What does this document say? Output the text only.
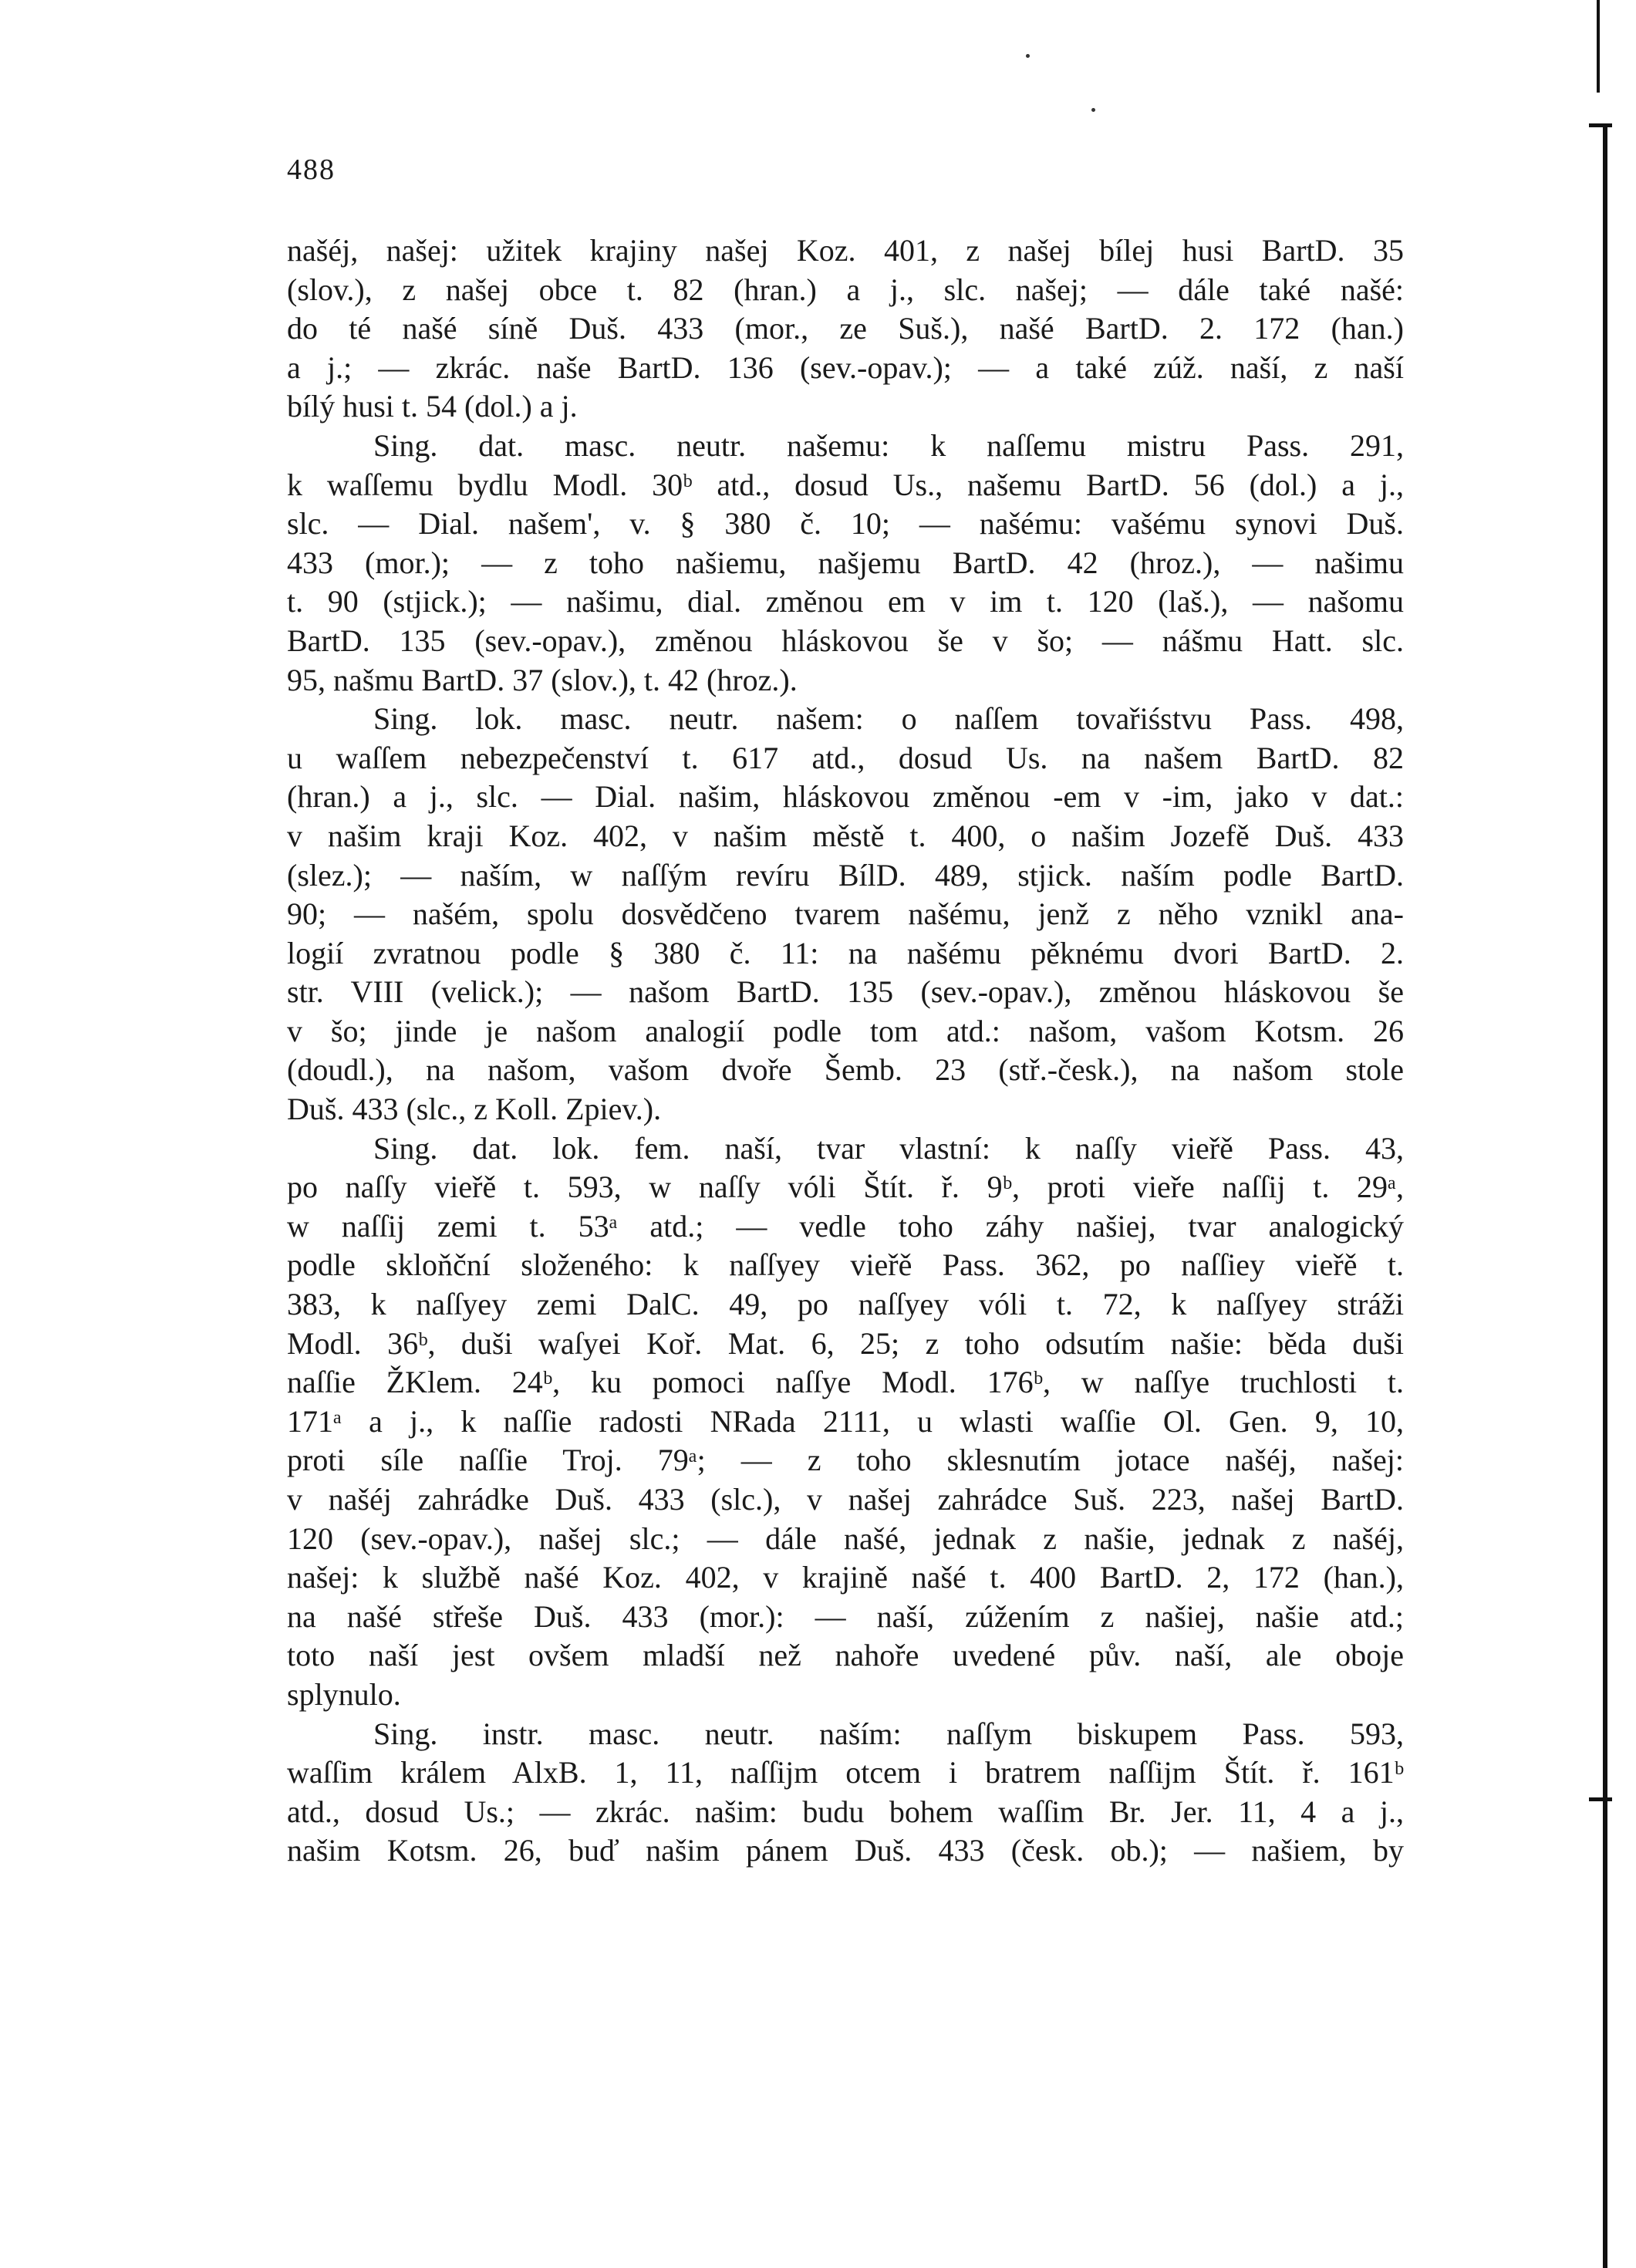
488
našéj, našej: užitek krajiny našej Koz. 401, z našej bílej husi BartD. 35
(slov.), z našej obce t. 82 (hran.) a j., slc. našej; — dále také našé:
do té našé síně Duš. 433 (mor., ze Suš.), našé BartD. 2. 172 (han.)
a j.; — zkrác. naše BartD. 136 (sev.-opav.); — a také zúž. naší, z naší
bílý husi t. 54 (dol.) a j.
Sing. dat. masc. neutr. našemu: k naſſemu mistru Pass. 291,
k waſſemu bydlu Modl. 30ᵇ atd., dosud Us., našemu BartD. 56 (dol.) a j.,
slc. — Dial. našem', v. § 380 č. 10; — našému: vašému synovi Duš.
433 (mor.); — z toho našiemu, našjemu BartD. 42 (hroz.), — našimu
t. 90 (stjick.); — našimu, dial. změnou em v im t. 120 (laš.), — našomu
BartD. 135 (sev.-opav.), změnou hláskovou še v šo; — nášmu Hatt. slc.
95, našmu BartD. 37 (slov.), t. 42 (hroz.).
Sing. lok. masc. neutr. našem: o naſſem tovařiśstvu Pass. 498,
u waſſem nebezpečenství t. 617 atd., dosud Us. na našem BartD. 82
(hran.) a j., slc. — Dial. našim, hláskovou změnou -em v -im, jako v dat.:
v našim kraji Koz. 402, v našim městě t. 400, o našim Jozefě Duš. 433
(slez.); — naším, w naſſým revíru BílD. 489, stjick. naším podle BartD.
90; — našém, spolu dosvědčeno tvarem našému, jenž z něho vznikl ana-
logií zvratnou podle § 380 č. 11: na našému pěknému dvori BartD. 2.
str. VIII (velick.); — našom BartD. 135 (sev.-opav.), změnou hláskovou še
v šo; jinde je našom analogií podle tom atd.: našom, vašom Kotsm. 26
(doudl.), na našom, vašom dvoře Šemb. 23 (stř.-česk.), na našom stole
Duš. 433 (slc., z Koll. Zpiev.).
Sing. dat. lok. fem. naší, tvar vlastní: k naſſy vieřě Pass. 43,
po naſſy vieřě t. 593, w naſſy vóli Štít. ř. 9ᵇ, proti vieře naſſij t. 29ᵃ,
w naſſij zemi t. 53ᵃ atd.; — vedle toho záhy našiej, tvar analogický
podle skloňční složeného: k naſſyey vieřě Pass. 362, po naſſiey vieřě t.
383, k naſſyey zemi DalC. 49, po naſſyey vóli t. 72, k naſſyey stráži
Modl. 36ᵇ, duši waſyei Koř. Mat. 6, 25; z toho odsutím našie: běda duši
naſſie ŽKlem. 24ᵇ, ku pomoci naſſye Modl. 176ᵇ, w naſſye truchlosti t.
171ᵃ a j., k naſſie radosti NRada 2111, u wlasti waſſie Ol. Gen. 9, 10,
proti síle naſſie Troj. 79ᵃ; — z toho sklesnutím jotace našéj, našej:
v našéj zahrádke Duš. 433 (slc.), v našej zahrádce Suš. 223, našej BartD.
120 (sev.-opav.), našej slc.; — dále našé, jednak z našie, jednak z našéj,
našej: k službě našé Koz. 402, v krajině našé t. 400 BartD. 2, 172 (han.),
na našé střeše Duš. 433 (mor.): — naší, zúžením z našiej, našie atd.;
toto naší jest ovšem mladší než nahoře uvedené pův. naší, ale oboje
splynulo.
Sing. instr. masc. neutr. naším: naſſym biskupem Pass. 593,
waſſim králem AlxB. 1, 11, naſſijm otcem i bratrem naſſijm Štít. ř. 161ᵇ
atd., dosud Us.; — zkrác. našim: budu bohem waſſim Br. Jer. 11, 4 a j.,
našim Kotsm. 26, buď našim pánem Duš. 433 (česk. ob.); — našiem, by
